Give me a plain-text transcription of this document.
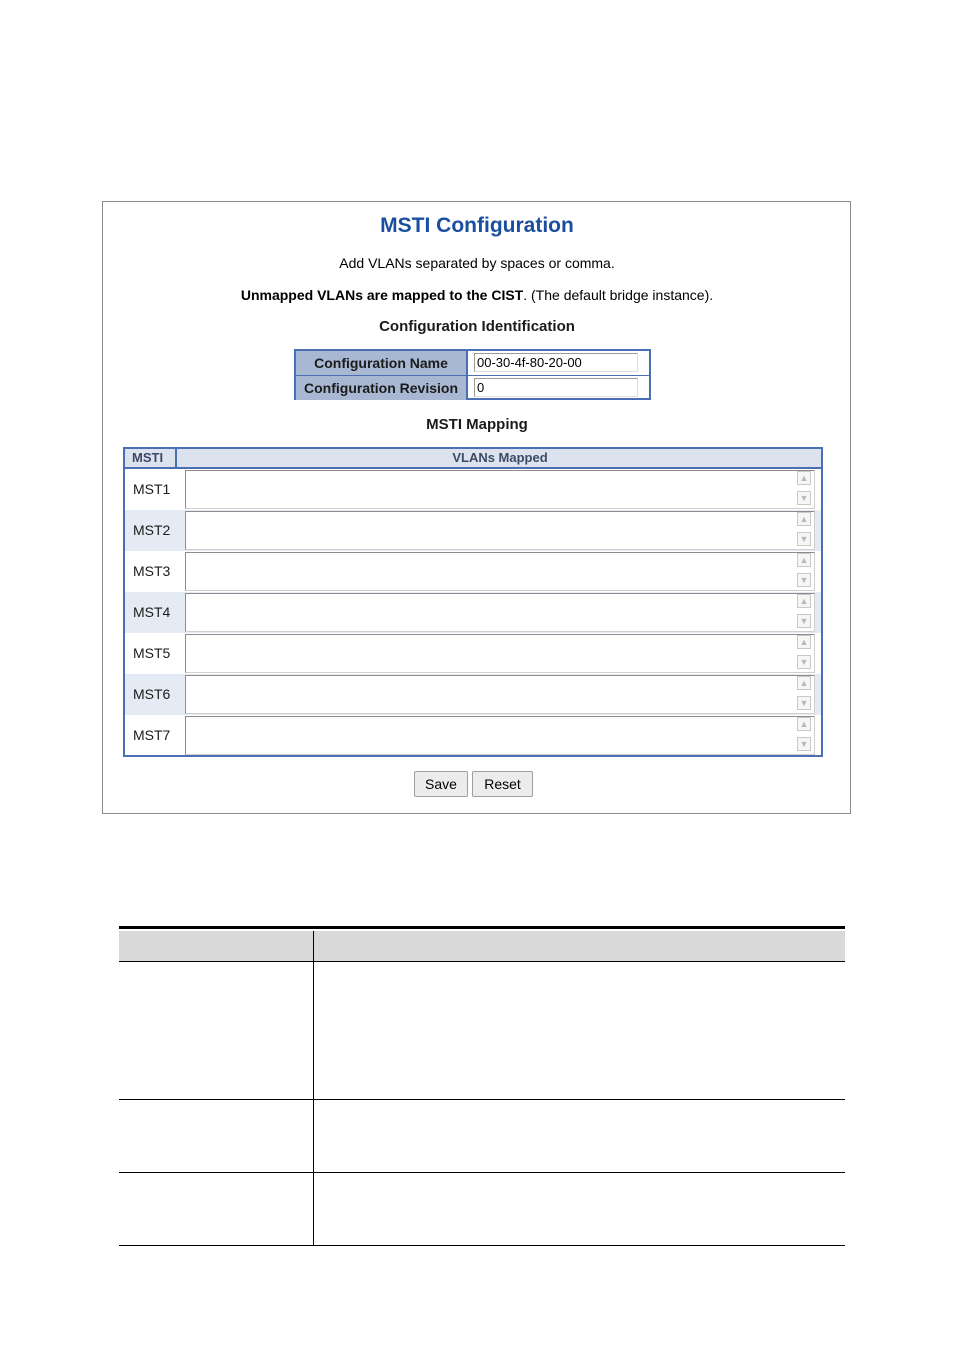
MSTI Configuration
Add VLANs separated by spaces or comma.
Unmapped VLANs are mapped to the CIST. (The default bridge instance).
Configuration Identification
Configuration Name	00-30-4f-80-20-00
Configuration Revision	0
MSTI Mapping
MSTI	VLANs Mapped
MST1
▲
▼
MST2
▲
▼
MST3
▲
▼
MST4
▲
▼
MST5
▲
▼
MST6
▲
▼
MST7
▲
▼
Save	Reset
